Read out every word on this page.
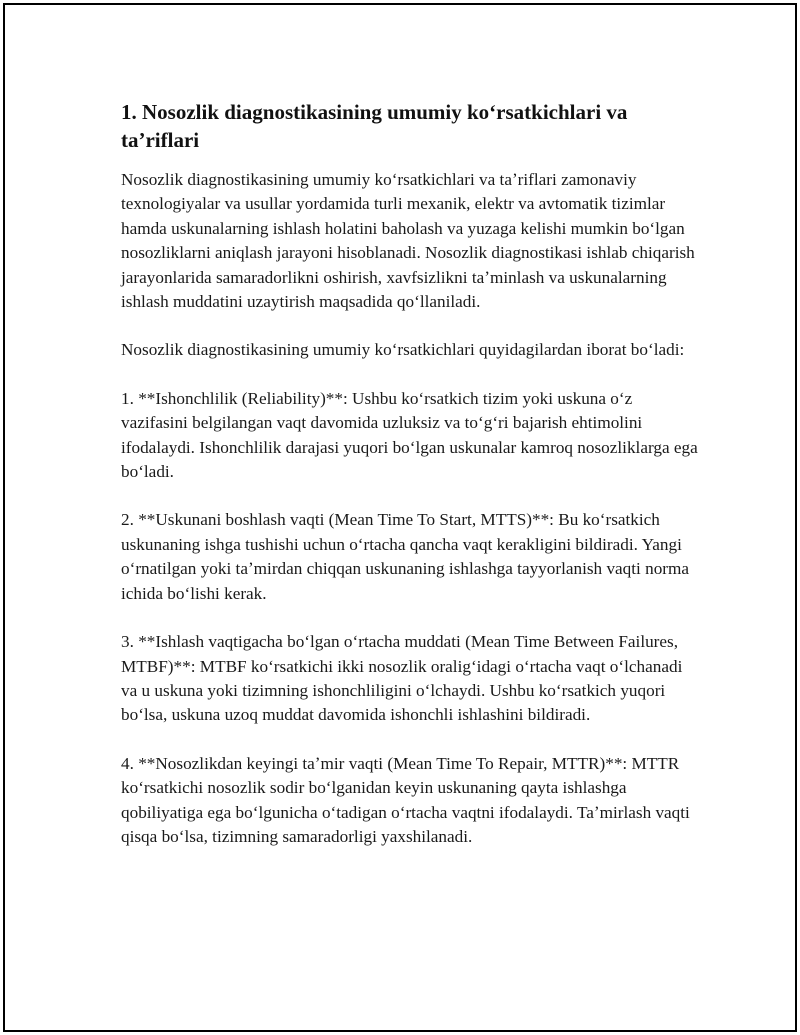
1. Nosozlik diagnostikasining umumiy koʻrsatkichlari va taʼriflari

Nosozlik diagnostikasining umumiy koʻrsatkichlari va taʼriflari zamonaviy texnologiyalar va usullar yordamida turli mexanik, elektr va avtomatik tizimlar hamda uskunalarning ishlash holatini baholash va yuzaga kelishi mumkin boʻlgan nosozliklarni aniqlash jarayoni hisoblanadi. Nosozlik diagnostikasi ishlab chiqarish jarayonlarida samaradorlikni oshirish, xavfsizlikni taʼminlash va uskunalarning ishlash muddatini uzaytirish maqsadida qoʻllaniladi.

Nosozlik diagnostikasining umumiy koʻrsatkichlari quyidagilardan iborat boʻladi:

1. **Ishonchlilik (Reliability)**: Ushbu koʻrsatkich tizim yoki uskuna oʻz vazifasini belgilangan vaqt davomida uzluksiz va toʻgʻri bajarish ehtimolini ifodalaydi. Ishonchlilik darajasi yuqori boʻlgan uskunalar kamroq nosozliklarga ega boʻladi.

2. **Uskunani boshlash vaqti (Mean Time To Start, MTTS)**: Bu koʻrsatkich uskunaning ishga tushishi uchun oʻrtacha qancha vaqt kerakligini bildiradi. Yangi oʻrnatilgan yoki taʼmirdan chiqqan uskunaning ishlashga tayyorlanish vaqti norma ichida boʻlishi kerak.

3. **Ishlash vaqtigacha boʻlgan oʻrtacha muddati (Mean Time Between Failures, MTBF)**: MTBF koʻrsatkichi ikki nosozlik oraligʻidagi oʻrtacha vaqt oʻlchanadi va u uskuna yoki tizimning ishonchliligini oʻlchaydi. Ushbu koʻrsatkich yuqori boʻlsa, uskuna uzoq muddat davomida ishonchli ishlashini bildiradi.

4. **Nosozlikdan keyingi taʼmir vaqti (Mean Time To Repair, MTTR)**: MTTR koʻrsatkichi nosozlik sodir boʻlganidan keyin uskunaning qayta ishlashga qobiliyatiga ega boʻlgunicha oʻtadigan oʻrtacha vaqtni ifodalaydi. Taʼmirlash vaqti qisqa boʻlsa, tizimning samaradorligi yaxshilanadi.
